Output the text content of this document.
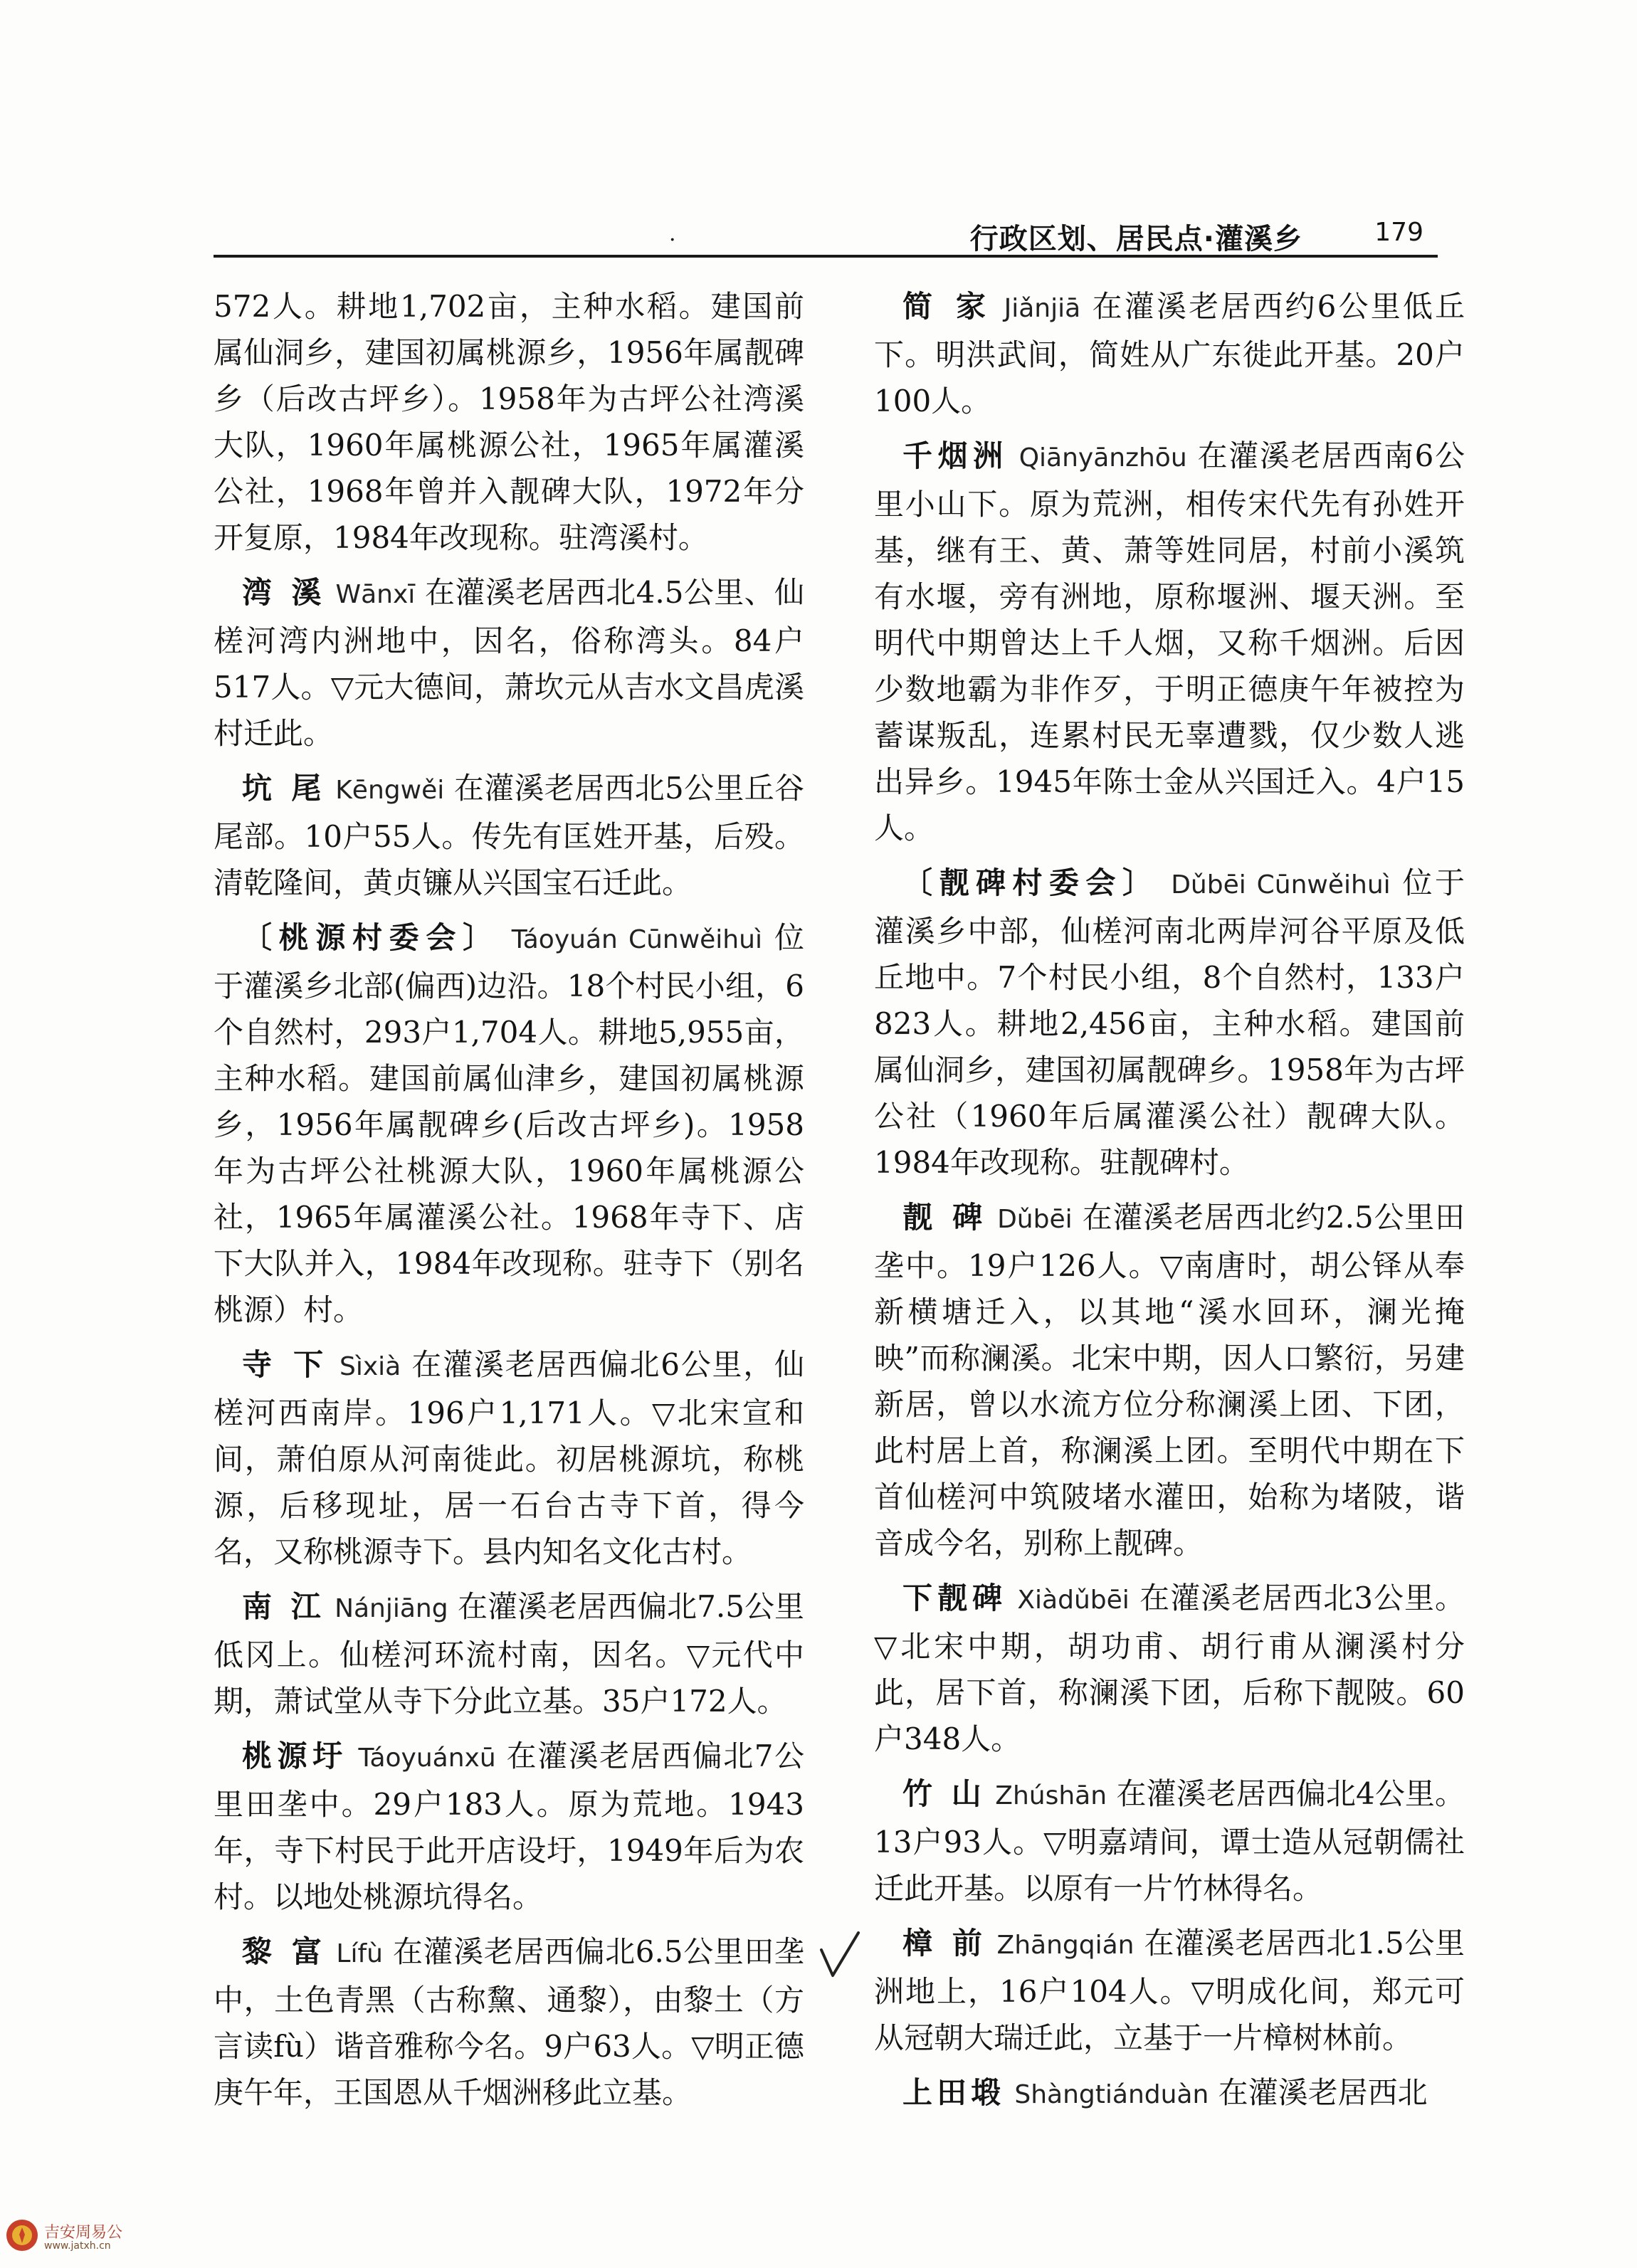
·	行政区划、居民点·灌溪乡	179

572人。耕地1,702亩，主种水稻。建国前属仙洞乡，建国初属桃源乡，1956年属靓碑乡（后改古坪乡）。1958年为古坪公社湾溪大队，1960年属桃源公社，1965年属灌溪公社，1968年曾并入靓碑大队，1972年分开复原，1984年改现称。驻湾溪村。

湾 溪 Wānxī 在灌溪老居西北4.5公里、仙槎河湾内洲地中，因名，俗称湾头。84户517人。▽元大德间，萧坎元从吉水文昌虎溪村迁此。

坑 尾 Kēngwěi 在灌溪老居西北5公里丘谷尾部。10户55人。传先有匡姓开基，后殁。清乾隆间，黄贞镰从兴国宝石迁此。

〔桃源村委会〕 Táoyuán Cūnwěihuì 位于灌溪乡北部(偏西)边沿。18个村民小组，6个自然村，293户1,704人。耕地5,955亩，主种水稻。建国前属仙津乡，建国初属桃源乡，1956年属靓碑乡(后改古坪乡)。1958年为古坪公社桃源大队，1960年属桃源公社，1965年属灌溪公社。1968年寺下、店下大队并入，1984年改现称。驻寺下（别名桃源）村。

寺 下 Sìxià 在灌溪老居西偏北6公里，仙槎河西南岸。196户1,171人。▽北宋宣和间，萧伯原从河南徙此。初居桃源坑，称桃源，后移现址，居一石台古寺下首，得今名，又称桃源寺下。县内知名文化古村。

南 江 Nánjiāng 在灌溪老居西偏北7.5公里低冈上。仙槎河环流村南，因名。▽元代中期，萧试堂从寺下分此立基。35户172人。

桃源圩 Táoyuánxū 在灌溪老居西偏北7公里田垄中。29户183人。原为荒地。1943年，寺下村民于此开店设圩，1949年后为农村。以地处桃源坑得名。

黎 富 Lífù 在灌溪老居西偏北6.5公里田垄中，土色青黑（古称黧、通黎），由黎土（方言读fù）谐音雅称今名。9户63人。▽明正德庚午年，王国恩从千烟洲移此立基。

简 家 Jiǎnjiā 在灌溪老居西约6公里低丘下。明洪武间，简姓从广东徙此开基。20户100人。

千烟洲 Qiānyānzhōu 在灌溪老居西南6公里小山下。原为荒洲，相传宋代先有孙姓开基，继有王、黄、萧等姓同居，村前小溪筑有水堰，旁有洲地，原称堰洲、堰天洲。至明代中期曾达上千人烟，又称千烟洲。后因少数地霸为非作歹，于明正德庚午年被控为蓄谋叛乱，连累村民无辜遭戮，仅少数人逃出异乡。1945年陈士金从兴国迁入。4户15人。

〔靓碑村委会〕 Dǔbēi Cūnwěihuì 位于灌溪乡中部，仙槎河南北两岸河谷平原及低丘地中。7个村民小组，8个自然村，133户823人。耕地2,456亩，主种水稻。建国前属仙洞乡，建国初属靓碑乡。1958年为古坪公社（1960年后属灌溪公社）靓碑大队。1984年改现称。驻靓碑村。

靓 碑 Dǔbēi 在灌溪老居西北约2.5公里田垄中。19户126人。▽南唐时，胡公铎从奉新横塘迁入，以其地“溪水回环，澜光掩映”而称澜溪。北宋中期，因人口繁衍，另建新居，曾以水流方位分称澜溪上团、下团，此村居上首，称澜溪上团。至明代中期在下首仙槎河中筑陂堵水灌田，始称为堵陂，谐音成今名，别称上靓碑。

下靓碑 Xiàdǔbēi 在灌溪老居西北3公里。▽北宋中期，胡功甫、胡行甫从澜溪村分此，居下首，称澜溪下团，后称下靓陂。60户348人。

竹 山 Zhúshān 在灌溪老居西偏北4公里。13户93人。▽明嘉靖间，谭士造从冠朝儒社迁此开基。以原有一片竹林得名。

樟 前 Zhāngqián 在灌溪老居西北1.5公里洲地上，16户104人。▽明成化间，郑元可从冠朝大瑞迁此，立基于一片樟树林前。

上田塅 Shàngtiánduàn 在灌溪老居西北

吉安周易公
www.jatxh.cn
